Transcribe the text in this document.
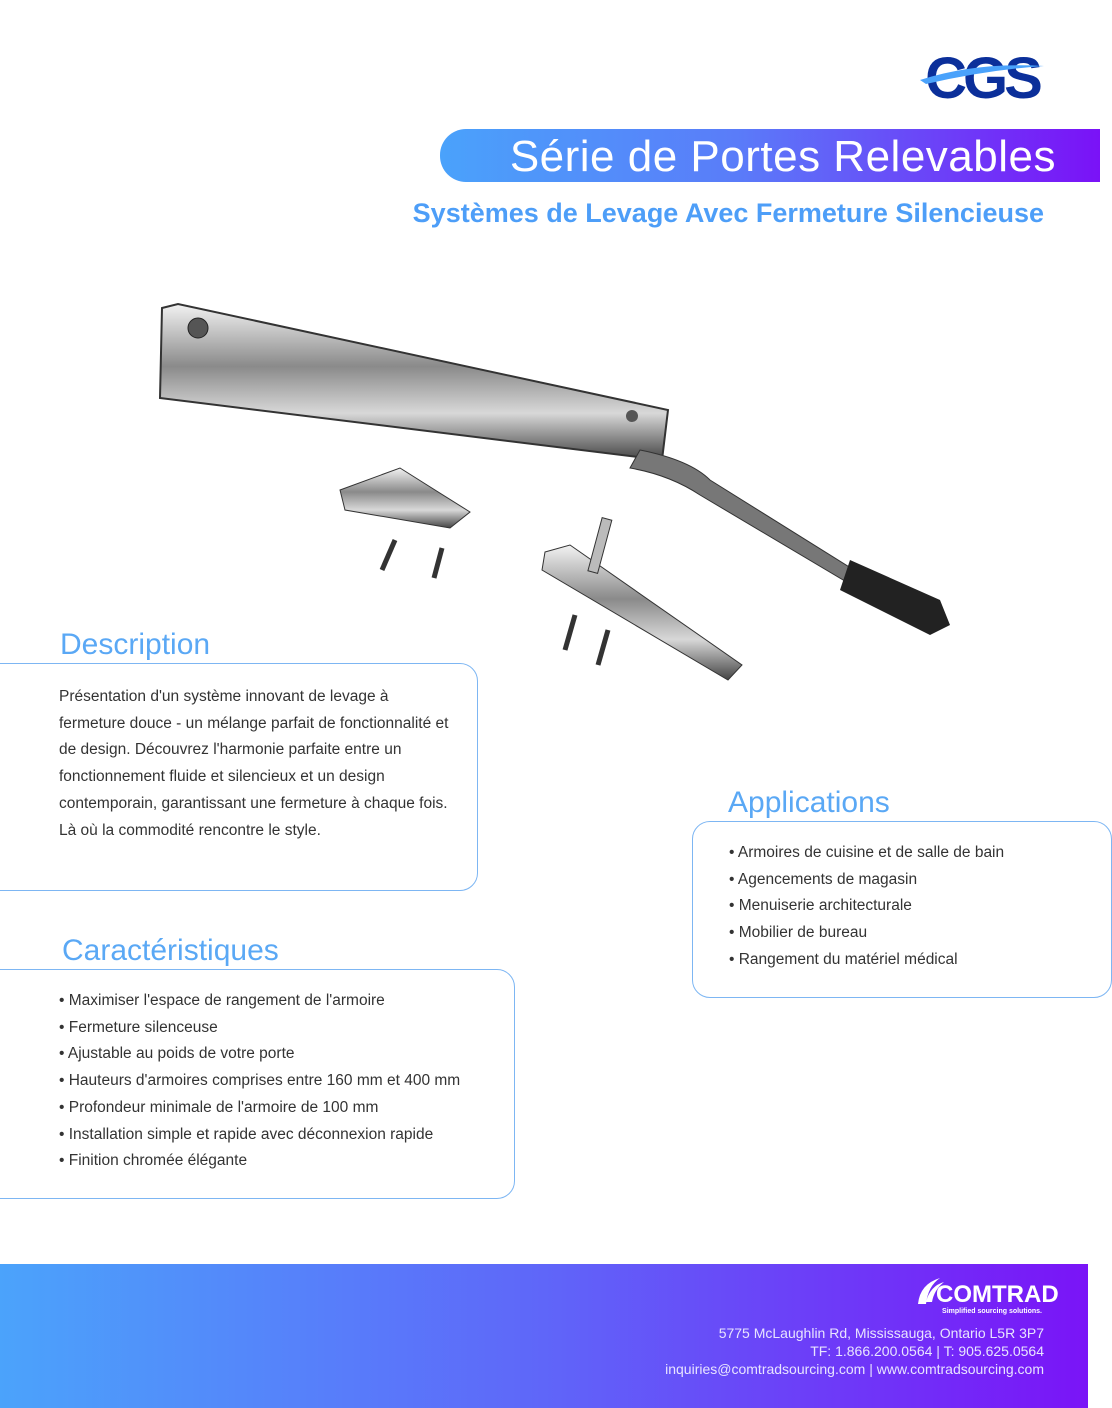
CGS
Série de Portes Relevables
Systèmes de Levage Avec Fermeture Silencieuse
Description

Présentation d'un système innovant de levage à fermeture douce - un mélange parfait de fonctionnalité et de design. Découvrez l'harmonie parfaite entre un fonctionnement fluide et silencieux et un design contemporain, garantissant une fermeture à chaque fois. Là où la commodité rencontre le style.

Caractéristiques
• Maximiser l'espace de rangement de l'armoire
• Fermeture silenceuse
• Ajustable au poids de votre porte
• Hauteurs d'armoires comprises entre 160 mm et 400 mm
• Profondeur minimale de l'armoire de 100 mm
• Installation simple et rapide avec déconnexion rapide
• Finition chromée élégante
Applications
• Armoires de cuisine et de salle de bain
• Agencements de magasin
• Menuiserie architecturale
• Mobilier de bureau
• Rangement du matériel médical
COMTRAD
Simplified sourcing solutions.
5775 McLaughlin Rd, Mississauga, Ontario L5R 3P7
TF: 1.866.200.0564 | T: 905.625.0564
inquiries@comtradsourcing.com | www.comtradsourcing.com
